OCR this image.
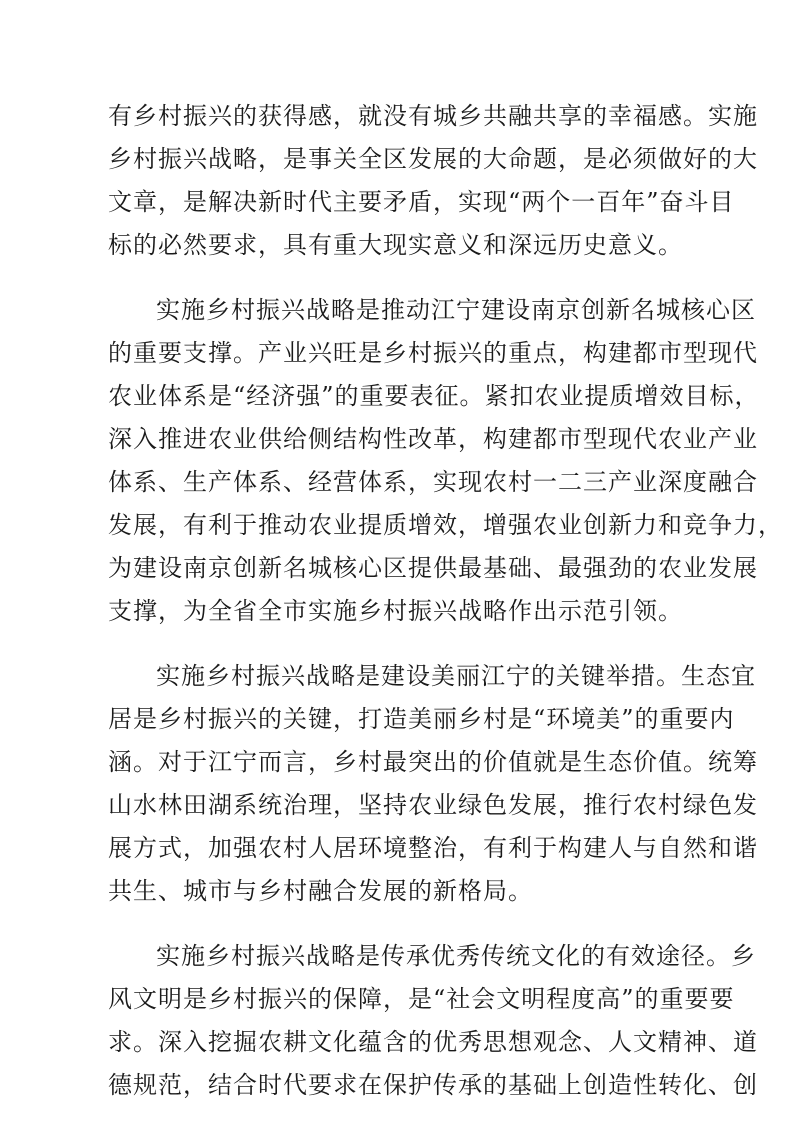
有乡村振兴的获得感，就没有城乡共融共享的幸福感。实施
乡村振兴战略，是事关全区发展的大命题，是必须做好的大
文章，是解决新时代主要矛盾，实现“两个一百年”奋斗目
标的必然要求，具有重大现实意义和深远历史意义。

实施乡村振兴战略是推动江宁建设南京创新名城核心区
的重要支撑。产业兴旺是乡村振兴的重点，构建都市型现代
农业体系是“经济强”的重要表征。紧扣农业提质增效目标，
深入推进农业供给侧结构性改革，构建都市型现代农业产业
体系、生产体系、经营体系，实现农村一二三产业深度融合
发展，有利于推动农业提质增效，增强农业创新力和竞争力，
为建设南京创新名城核心区提供最基础、最强劲的农业发展
支撑，为全省全市实施乡村振兴战略作出示范引领。

实施乡村振兴战略是建设美丽江宁的关键举措。生态宜
居是乡村振兴的关键，打造美丽乡村是“环境美”的重要内
涵。对于江宁而言，乡村最突出的价值就是生态价值。统筹
山水林田湖系统治理，坚持农业绿色发展，推行农村绿色发
展方式，加强农村人居环境整治，有利于构建人与自然和谐
共生、城市与乡村融合发展的新格局。

实施乡村振兴战略是传承优秀传统文化的有效途径。乡
风文明是乡村振兴的保障，是“社会文明程度高”的重要要
求。深入挖掘农耕文化蕴含的优秀思想观念、人文精神、道
德规范，结合时代要求在保护传承的基础上创造性转化、创
